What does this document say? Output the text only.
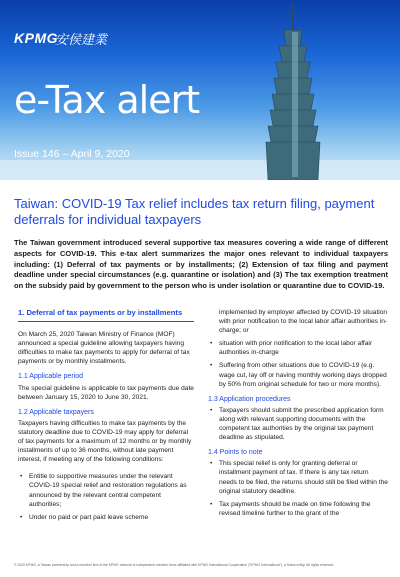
KPMG
安侯建業
e-Tax alert
Issue 146 – April 9, 2020
Taiwan: COVID-19 Tax relief includes tax return filing, payment deferrals for individual taxpayers
The Taiwan government introduced several supportive tax measures covering a wide range of different aspects for COVID-19. This e-tax alert summarizes the major ones relevant to individual taxpayers including: (1) Deferral of tax payments or by installments; (2) Extension of tax filing and payment deadline under special circumstances (e.g. quarantine or isolation) and (3) The tax exemption treatment on the subsidy paid by government to the person who is under isolation or quarantine due to COVID-19.
1. Deferral of tax payments or by installments
On March 25, 2020 Taiwan Ministry of Finance (MOF) announced a special guideline allowing taxpayers having difficulties to make tax payments to apply for deferral of tax payments or by monthly installments.
1.1 Applicable period
The special guideline is applicable to tax payments due date between January 15, 2020 to June 30, 2021.
1.2 Applicable taxpayers
Taxpayers having difficulties to make tax payments by the statutory deadline due to COVID-19 may apply for deferral of tax payments for a maximum of 12 months or by monthly installments of up to 36 months, without late payment interest, if meeting any of the following conditions:
• Entitle to supportive measures under the relevant COVID-19 special relief and restoration regulations as announced by the relevant central competent authorities;
• Under no paid or part paid leave scheme
implemented by employer affected by COVID-19 situation with prior notification to the local labor affair authorities in-charge; or
• situation with prior notification to the local labor affair authorities in-charge
• Suffering from other situations due to COVID-19 (e.g. wage cut, lay off or having monthly working days dropped by 50% from original schedule for two or more months).
1.3 Application procedures
• Taxpayers should submit the prescribed application form along with relevant supporting documents with the competent tax authorities by the original tax payment deadline as stipulated.
1.4 Points to note
• This special relief is only for granting deferral or installment payment of tax. If there is any tax return needs to be filed, the returns should still be filed within the original statutory deadline.
• Tax payments should be made on time following the revised timeline further to the grant of the
© 2020 KPMG, a Taiwan partnership and a member firm of the KPMG network of independent member firms affiliated with KPMG International Cooperative ("KPMG International"), a Swiss entity. All rights reserved.
